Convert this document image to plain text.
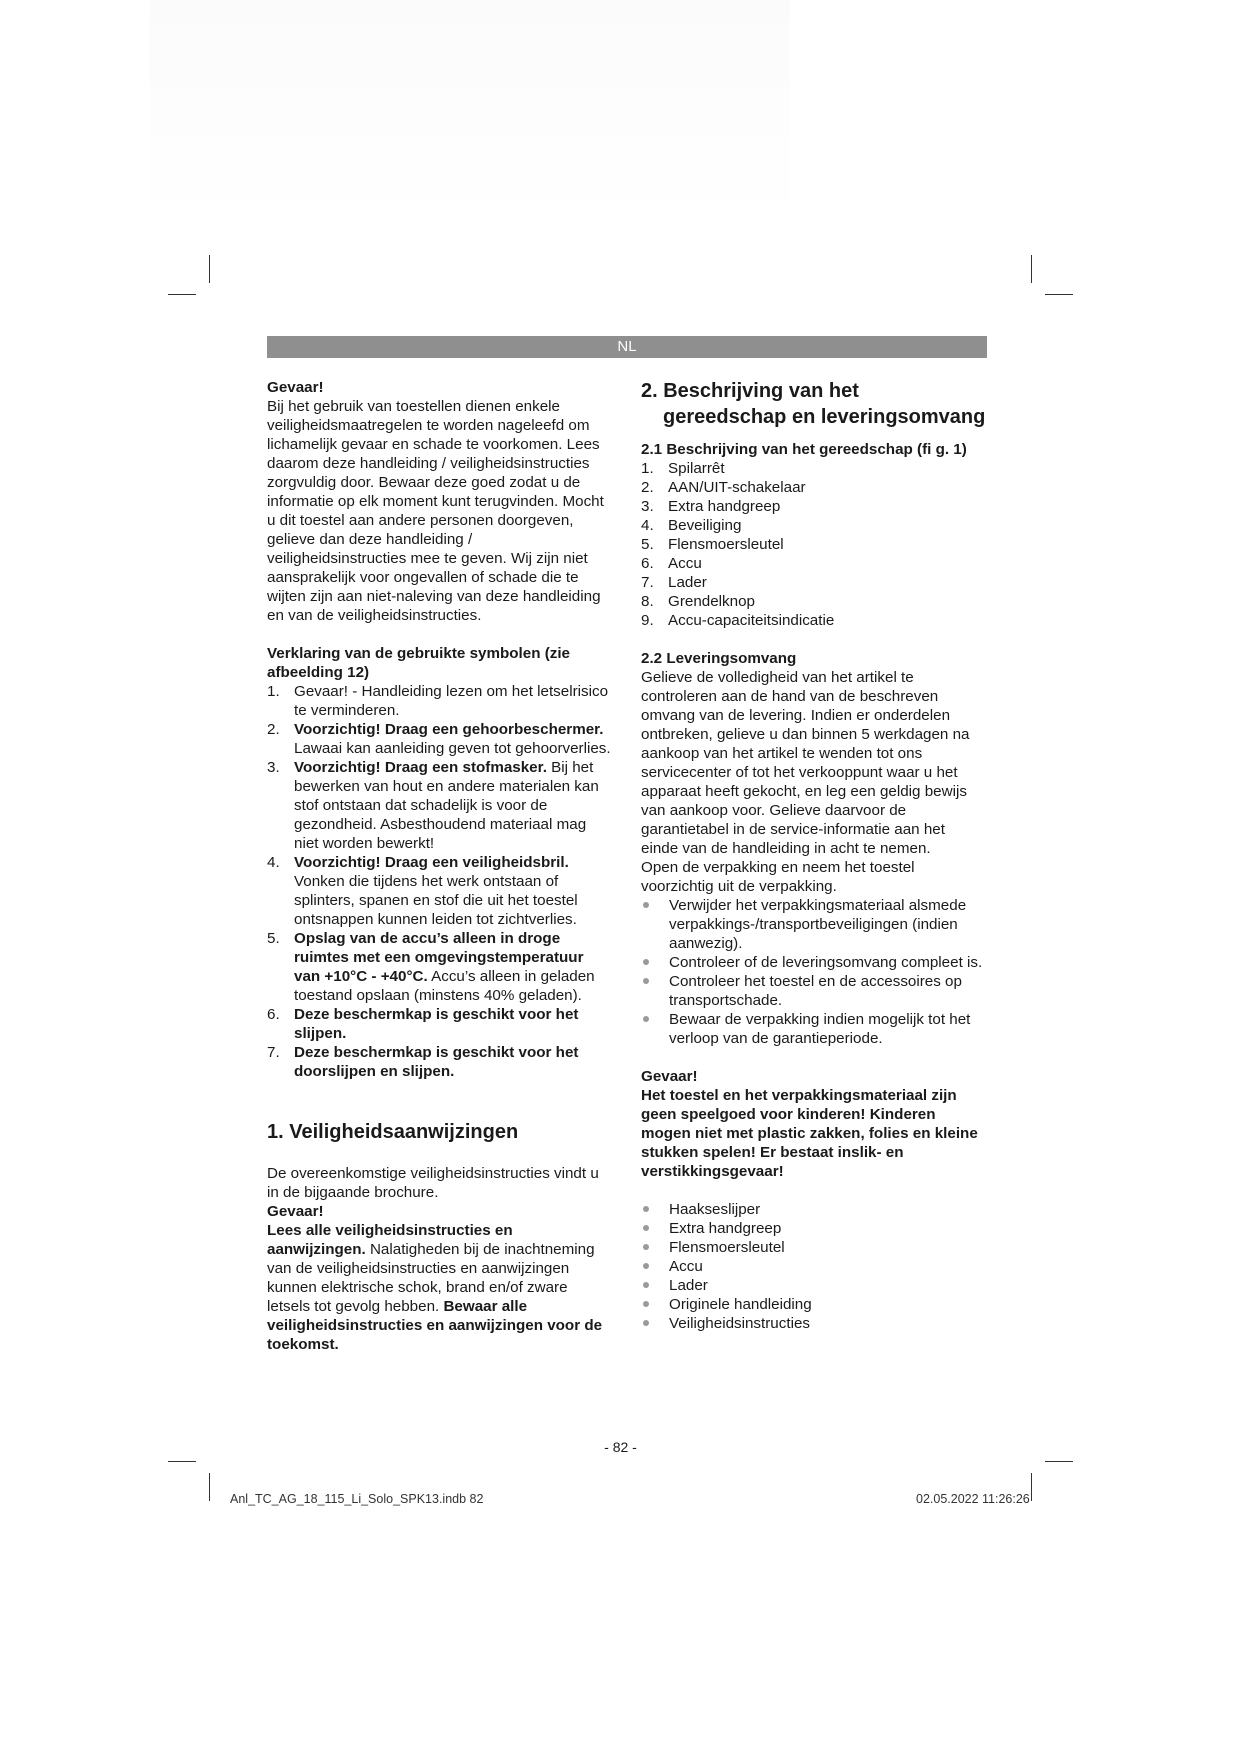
NL

Gevaar!

Bij het gebruik van toestellen dienen enkele veiligheidsmaatregelen te worden nageleefd om lichamelijk gevaar en schade te voorkomen. Lees daarom deze handleiding / veiligheidsinstructies zorgvuldig door. Bewaar deze goed zodat u de informatie op elk moment kunt terugvinden. Mocht u dit toestel aan andere personen doorgeven, gelieve dan deze handleiding / veiligheidsinstructies mee te geven. Wij zijn niet aansprakelijk voor ongevallen of schade die te wijten zijn aan niet-naleving van deze handleiding en van de veiligheidsinstructies.

Verklaring van de gebruikte symbolen (zie afbeelding 12)
1. Gevaar! - Handleiding lezen om het letselrisico te verminderen.
2. Voorzichtig! Draag een gehoorbeschermer. Lawaai kan aanleiding geven tot gehoorverlies.
3. Voorzichtig! Draag een stofmasker. Bij het bewerken van hout en andere materialen kan stof ontstaan dat schadelijk is voor de gezondheid. Asbesthoudend materiaal mag niet worden bewerkt!
4. Voorzichtig! Draag een veiligheidsbril. Vonken die tijdens het werk ontstaan of splinters, spanen en stof die uit het toestel ontsnappen kunnen leiden tot zichtverlies.
5. Opslag van de accu’s alleen in droge ruimtes met een omgevingstemperatuur van +10°C - +40°C. Accu’s alleen in geladen toestand opslaan (minstens 40% geladen).
6. Deze beschermkap is geschikt voor het slijpen.
7. Deze beschermkap is geschikt voor het doorslijpen en slijpen.
1. Veiligheidsaanwijzingen

De overeenkomstige veiligheidsinstructies vindt u in de bijgaande brochure.

Gevaar!

Lees alle veiligheidsinstructies en aanwijzingen. Nalatigheden bij de inachtneming van de veiligheidsinstructies en aanwijzingen kunnen elektrische schok, brand en/of zware letsels tot gevolg hebben. Bewaar alle veiligheidsinstructies en aanwijzingen voor de toekomst.

2. Beschrijving van het gereedschap en leveringsomvang
2.1 Beschrijving van het gereedschap (fi g. 1)
1. Spilarrêt
2. AAN/UIT-schakelaar
3. Extra handgreep
4. Beveiliging
5. Flensmoersleutel
6. Accu
7. Lader
8. Grendelknop
9. Accu-capaciteitsindicatie
2.2 Leveringsomvang

Gelieve de volledigheid van het artikel te controleren aan de hand van de beschreven omvang van de levering. Indien er onderdelen ontbreken, gelieve u dan binnen 5 werkdagen na aankoop van het artikel te wenden tot ons servicecenter of tot het verkooppunt waar u het apparaat heeft gekocht, en leg een geldig bewijs van aankoop voor. Gelieve daarvoor de garantietabel in de service-informatie aan het einde van de handleiding in acht te nemen.

Open de verpakking en neem het toestel voorzichtig uit de verpakking.

Verwijder het verpakkingsmateriaal alsmede verpakkings-/transportbeveiligingen (indien aanwezig).
Controleer of de leveringsomvang compleet is.
Controleer het toestel en de accessoires op transportschade.
Bewaar de verpakking indien mogelijk tot het verloop van de garantieperiode.

Gevaar!

Het toestel en het verpakkingsmateriaal zijn geen speelgoed voor kinderen! Kinderen mogen niet met plastic zakken, folies en kleine stukken spelen! Er bestaat inslik- en verstikkingsgevaar!

Haakseslijper
Extra handgreep
Flensmoersleutel
Accu
Lader
Originele handleiding
Veiligheidsinstructies
- 82 -
Anl_TC_AG_18_115_Li_Solo_SPK13.indb 82	02.05.2022 11:26:26
